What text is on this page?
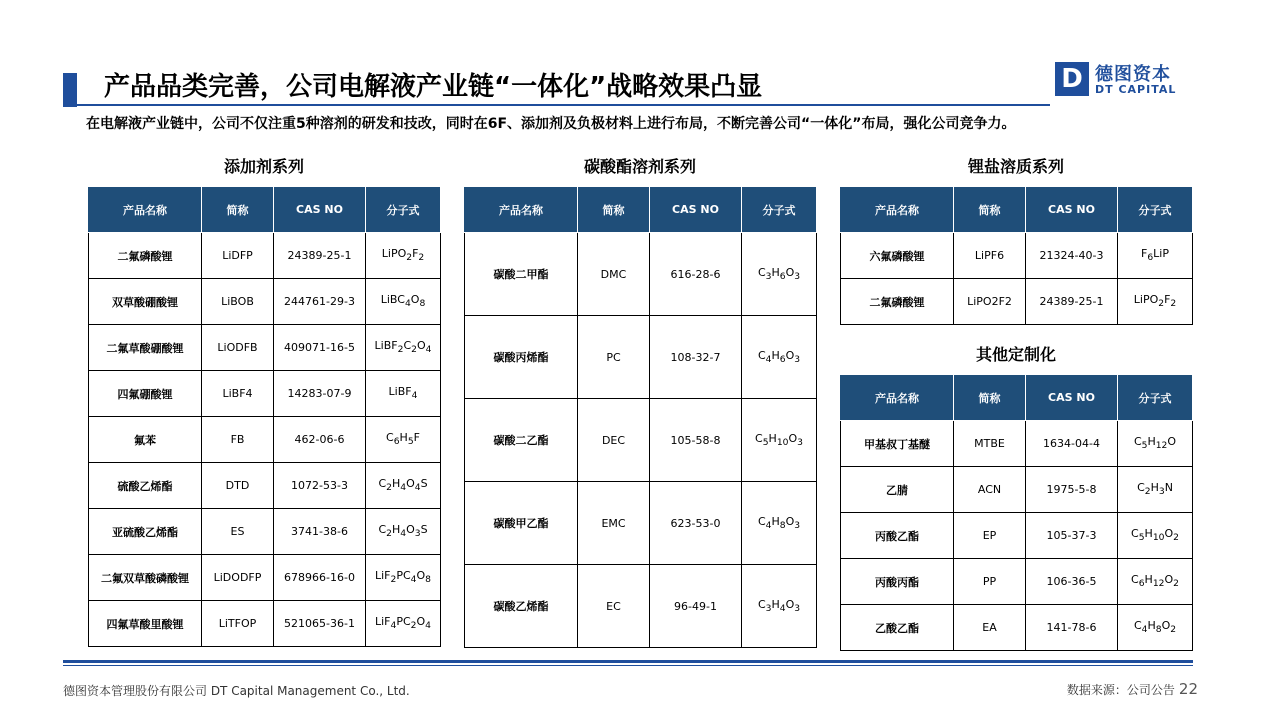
产品品类完善，公司电解液产业链“一体化”战略效果凸显	D 德图资本
DT CAPITAL
在电解液产业链中，公司不仅注重5种溶剂的研发和技改，同时在6F、添加剂及负极材料上进行布局，不断完善公司“一体化”布局，强化公司竞争力。
添加剂系列	碳酸酯溶剂系列	锂盐溶质系列
其他定制化
产品名称	简称	CAS NO	分子式
二氟磷酸锂	LiDFP	24389-25-1	$LiPO_2F_2$
双草酸硼酸锂	LiBOB	244761-29-3	$LiBC_4O_8$
二氟草酸硼酸锂	LiODFB	409071-16-5	$LiBF_2C_2O_4$
四氟硼酸锂	LiBF4	14283-07-9	LiBF$_4$
氟苯	FB	462-06-6	$C_6H_5F$
硫酸乙烯酯	DTD	1072-53-3	$C_2H_4O_4S$
亚硫酸乙烯酯	ES	3741-38-6	$C_2H_4O_3S$
二氟双草酸磷酸锂	LiDODFP	678966-16-0	$LiF_2PC_4O_8$
四氟草酸里酸锂	LiTFOP	521065-36-1	$LiF_4PC_2O_4$
产品名称	简称	CAS NO	分子式
碳酸二甲酯	DMC	616-28-6	$C_3H_6O_3$
碳酸丙烯酯	PC	108-32-7	$C_4H_6O_3$
碳酸二乙酯	DEC	105-58-8	$C_5H_{10}O_3$
碳酸甲乙酯	EMC	623-53-0	$C_4H_8O_3$
碳酸乙烯酯	EC	96-49-1	$C_3H_4O_3$
产品名称	简称	CAS NO	分子式
六氟磷酸锂	LiPF6	21324-40-3	$F_6LiP$
二氟磷酸锂	LiPO2F2	24389-25-1	$LiPO_2F_2$
产品名称	简称	CAS NO	分子式
甲基叔丁基醚	MTBE	1634-04-4	$C_5H_{12}O$
乙腈	ACN	1975-5-8	$C_2H_3N$
丙酸乙酯	EP	105-37-3	$C_5H_{10}O_2$
丙酸丙酯	PP	106-36-5	$C_6H_{12}O_2$
乙酸乙酯	EA	141-78-6	$C_4H_8O_2$
德图资本管理股份有限公司 DT Capital Management Co., Ltd.	数据来源：公司公告 22
